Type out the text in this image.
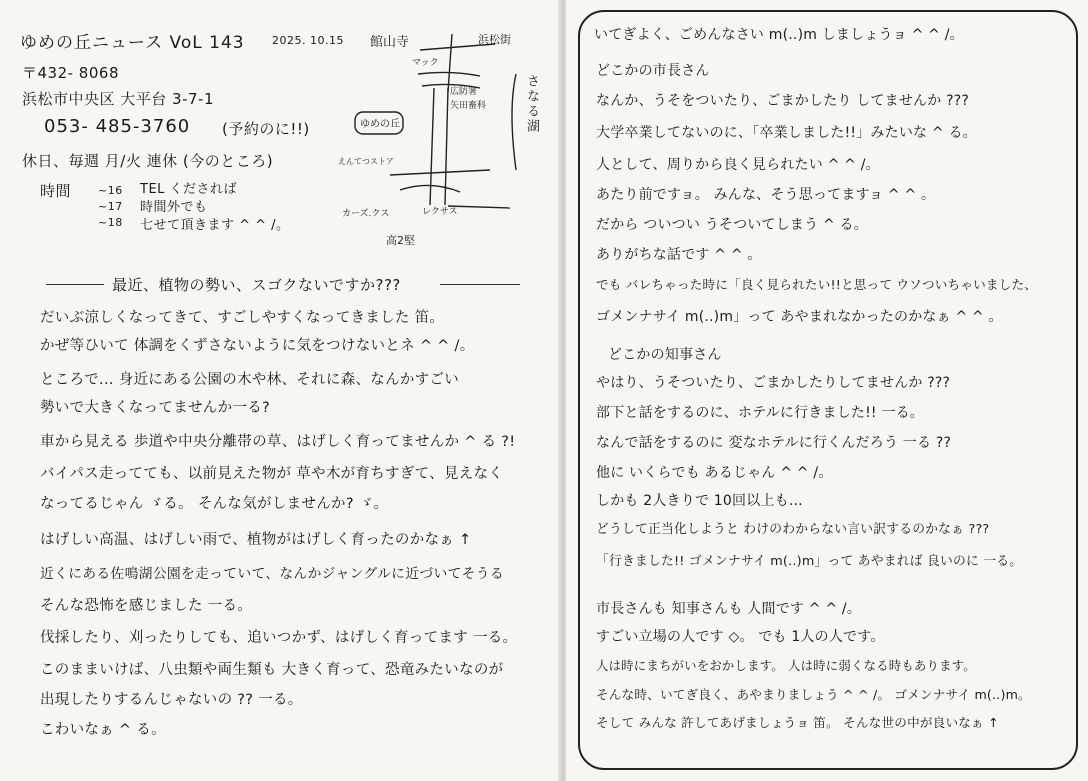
ゆめの丘ニュース VoL 143 2025. 10.15
〒432- 8068
浜松市中央区 大平台 3-7-1
053- 485-3760 (予約のに!!)
休日、毎週 月/火 連休 (今のところ)
時間 ~16
~17
~18
TEL くだされば
時間外でも
七せて頂きます ^ ^ /。
浜松街
館山寺
マック
広防署
矢田畜科
ゆめの丘
えんてつストア
カーズ.クス	レクサス
高2堅
さなる湖
最近、植物の勢い、スゴクないですか???
だいぶ涼しくなってきて、すごしやすくなってきました 笛。
かぜ等ひいて 体調をくずさないように気をつけないとネ ^ ^ /。
ところで... 身近にある公園の木や林、それに森、なんかすごい
勢いで大きくなってませんか一る?
車から見える 歩道や中央分離帯の草、はげしく育ってませんか ^ る ?!
バイパス走ってても、以前見えた物が 草や木が育ちすぎて、見えなく
なってるじゃん ゞる。 そんな気がしませんか? ゞ。
はげしい高温、はげしい雨で、植物がはげしく育ったのかなぁ ↑
近くにある佐鳴湖公園を走っていて、なんかジャングルに近づいてそうる
そんな恐怖を感じました 一る。
伐採したり、刈ったりしても、追いつかず、はげしく育ってます 一る。
このままいけば、八虫類や両生類も 大きく育って、恐竜みたいなのが
出現したりするんじゃないの ?? 一る。
こわいなぁ ^ る。
いてぎよく、ごめんなさい m(..)m しましょうョ ^ ^ /。
どこかの市長さん
なんか、うそをついたり、ごまかしたり してませんか ???
大学卒業してないのに、「卒業しました!!」みたいな ^ る。
人として、周りから良く見られたい ^ ^ /。
あたり前ですョ。 みんな、そう思ってますョ ^ ^ 。
だから ついつい うそついてしまう ^ る。
ありがちな話です ^ ^ 。
でも バレちゃった時に「良く見られたい!!と思って ウソついちゃいました、
ゴメンナサイ m(..)m」って あやまれなかったのかなぁ ^ ^ 。
どこかの知事さん
やはり、うそついたり、ごまかしたりしてませんか ???
部下と話をするのに、ホテルに行きました!! 一る。
なんで話をするのに 変なホテルに行くんだろう 一る ??
他に いくらでも あるじゃん ^ ^ /。
しかも 2人きりで 10回以上も...
どうして正当化しようと わけのわからない言い訳するのかなぁ ???
「行きました!! ゴメンナサイ m(..)m」って あやまれば 良いのに 一る。
市長さんも 知事さんも 人間です ^ ^ /。
すごい立場の人です ◇。 でも 1人の人です。
人は時にまちがいをおかします。 人は時に弱くなる時もあります。
そんな時、いてぎ良く、あやまりましょう ^ ^ /。 ゴメンナサイ m(..)m。
そして みんな 許してあげましょうョ 笛。 そんな世の中が良いなぁ ↑
